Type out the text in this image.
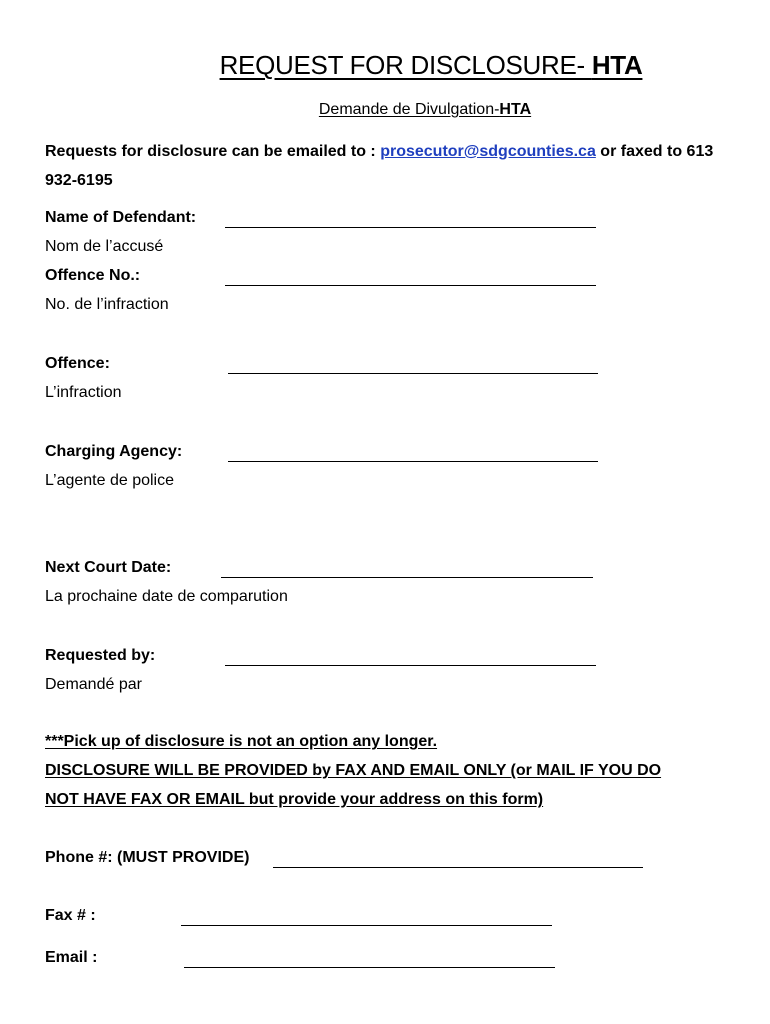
REQUEST FOR DISCLOSURE- HTA
Demande de Divulgation-HTA
Requests for disclosure can be emailed to : prosecutor@sdgcounties.ca or faxed to 613 932-6195
Name of Defendant:
Nom de l’accusé
Offence No.:
No. de l’infraction
Offence:
L’infraction
Charging Agency:
L’agente de police
Next Court Date:
La prochaine date de comparution
Requested by:
Demandé par
***Pick up of disclosure is not an option any longer.
DISCLOSURE WILL BE PROVIDED by FAX AND EMAIL ONLY (or MAIL IF YOU DO
NOT HAVE FAX OR EMAIL but provide your address on this form)
Phone #: (MUST PROVIDE)
Fax # :
Email :
